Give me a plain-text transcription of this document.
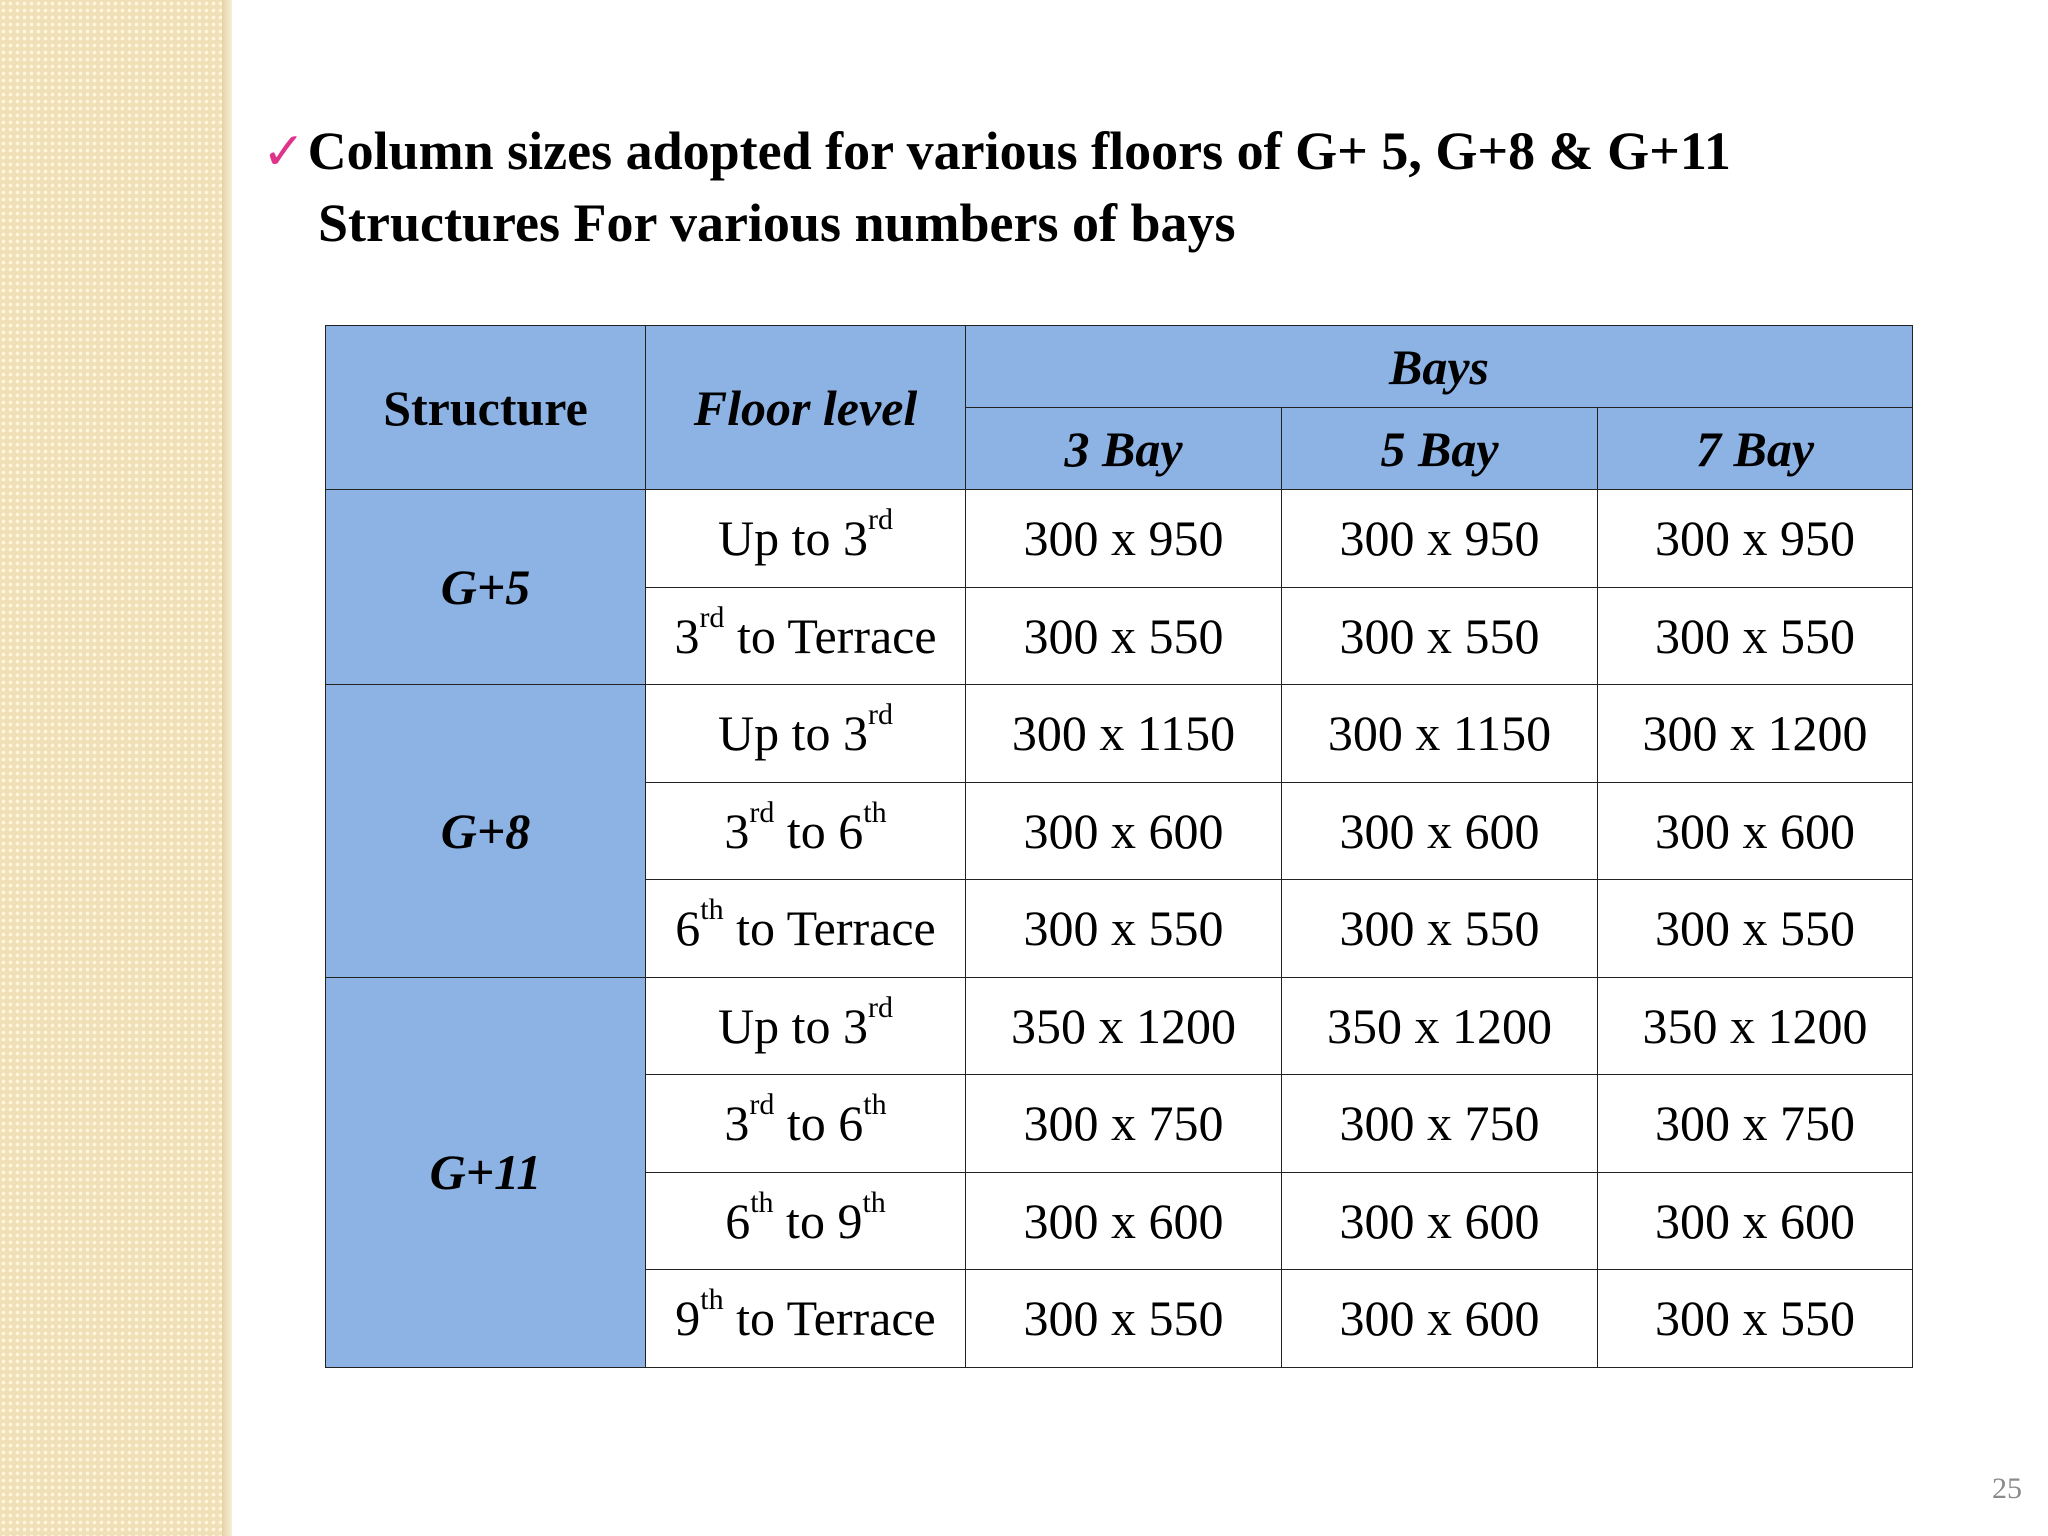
✓Column sizes adopted for various floors of G+ 5, G+8 & G+11
Structures For various numbers of bays
Structure	Floor level	Bays		
		3 Bay	5 Bay	7 Bay
G+5	Up to 3rd	300 x 950	300 x 950	300 x 950
	3rd to Terrace	300 x 550	300 x 550	300 x 550
G+8	Up to 3rd	300 x 1150	300 x 1150	300 x 1200
	3rd to 6th	300 x 600	300 x 600	300 x 600
	6th to Terrace	300 x 550	300 x 550	300 x 550
G+11	Up to 3rd	350 x 1200	350 x 1200	350 x 1200
	3rd to 6th	300 x 750	300 x 750	300 x 750
	6th to 9th	300 x 600	300 x 600	300 x 600
	9th to Terrace	300 x 550	300 x 600	300 x 550
25
